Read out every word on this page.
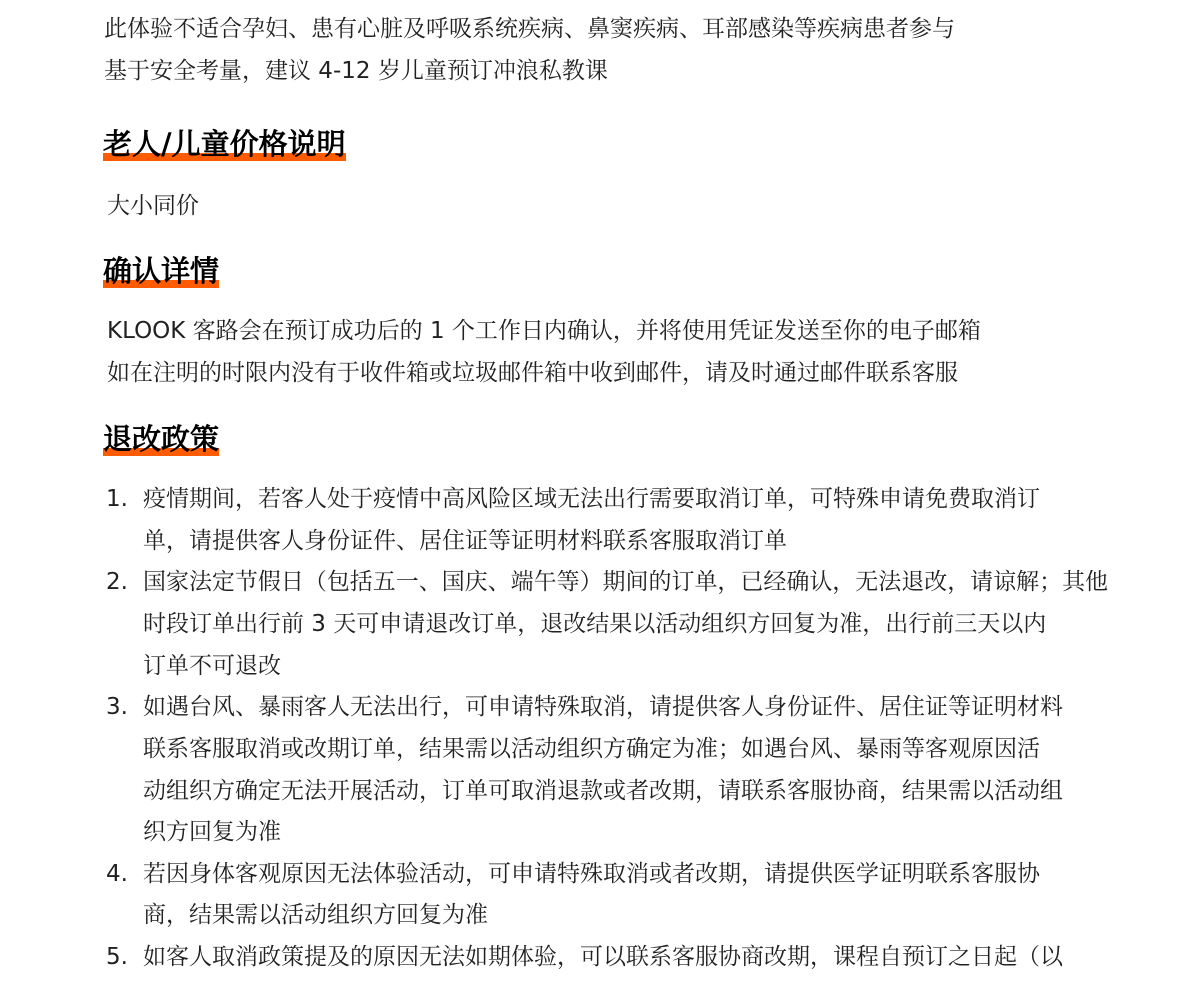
此体验不适合孕妇、患有心脏及呼吸系统疾病、鼻窦疾病、耳部感染等疾病患者参与
基于安全考量，建议 4-12 岁儿童预订冲浪私教课
老人/儿童价格说明
大小同价
确认详情
KLOOK 客路会在预订成功后的 1 个工作日内确认，并将使用凭证发送至你的电子邮箱
如在注明的时限内没有于收件箱或垃圾邮件箱中收到邮件，请及时通过邮件联系客服
退改政策
1. 疫情期间，若客人处于疫情中高风险区域无法出行需要取消订单，可特殊申请免费取消订
单，请提供客人身份证件、居住证等证明材料联系客服取消订单
2. 国家法定节假日（包括五一、国庆、端午等）期间的订单，已经确认，无法退改，请谅解；其他
时段订单出行前 3 天可申请退改订单，退改结果以活动组织方回复为准，出行前三天以内
订单不可退改
3. 如遇台风、暴雨客人无法出行，可申请特殊取消，请提供客人身份证件、居住证等证明材料
联系客服取消或改期订单，结果需以活动组织方确定为准；如遇台风、暴雨等客观原因活
动组织方确定无法开展活动，订单可取消退款或者改期，请联系客服协商，结果需以活动组
织方回复为准
4. 若因身体客观原因无法体验活动，可申请特殊取消或者改期，请提供医学证明联系客服协
商，结果需以活动组织方回复为准
5. 如客人取消政策提及的原因无法如期体验，可以联系客服协商改期，课程自预订之日起（以
